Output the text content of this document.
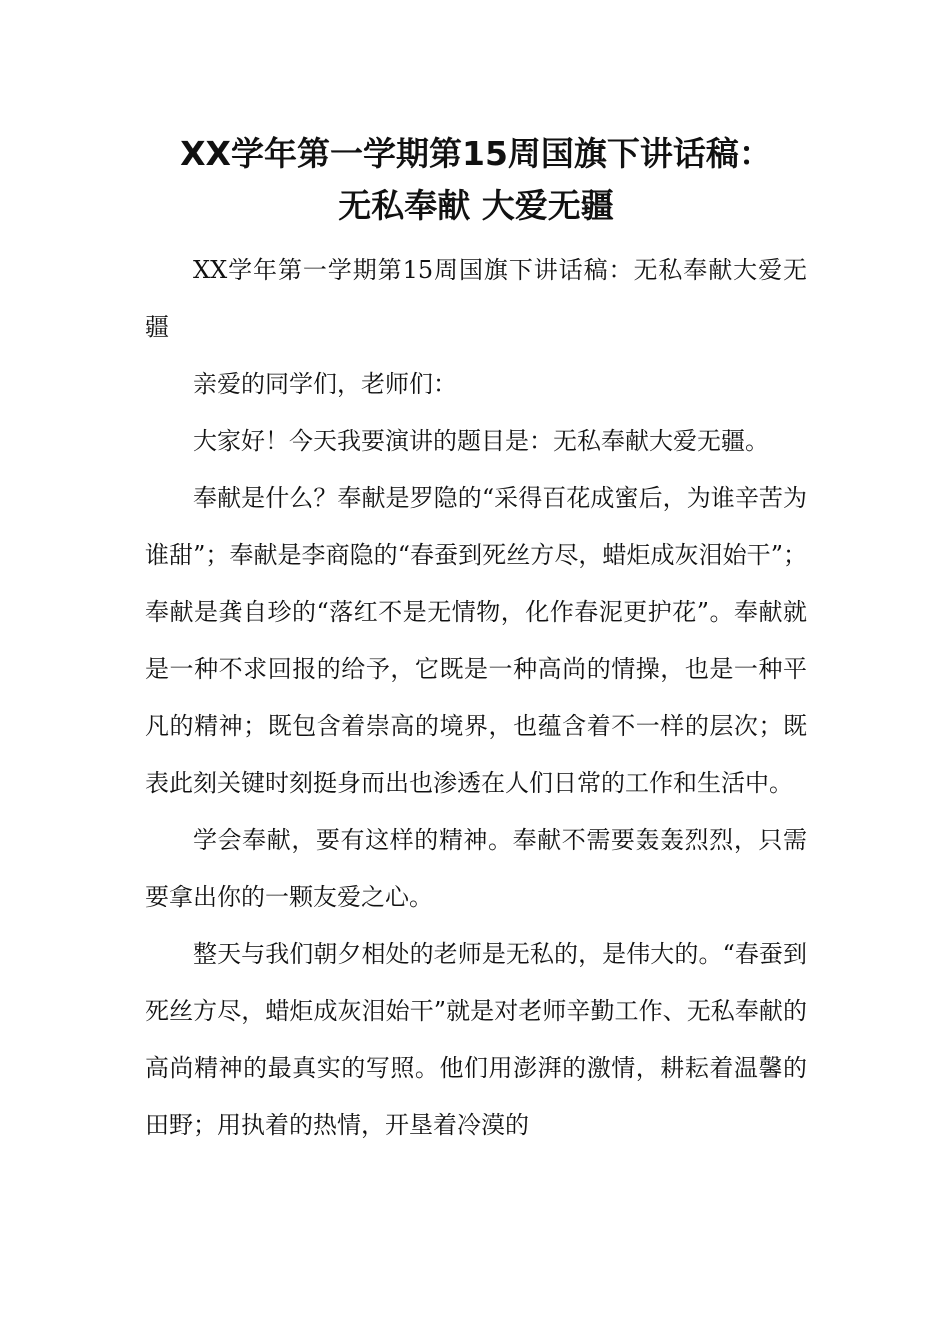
XX学年第一学期第15周国旗下讲话稿：
无私奉献 大爱无疆

XX学年第一学期第15周国旗下讲话稿：无私奉献大爱无疆

亲爱的同学们，老师们：

大家好！今天我要演讲的题目是：无私奉献大爱无疆。

奉献是什么？奉献是罗隐的“采得百花成蜜后，为谁辛苦为谁甜”；奉献是李商隐的“春蚕到死丝方尽，蜡炬成灰泪始干”；奉献是龚自珍的“落红不是无情物，化作春泥更护花”。奉献就是一种不求回报的给予，它既是一种高尚的情操，也是一种平凡的精神；既包含着崇高的境界，也蕴含着不一样的层次；既表此刻关键时刻挺身而出也渗透在人们日常的工作和生活中。

学会奉献，要有这样的精神。奉献不需要轰轰烈烈，只需要拿出你的一颗友爱之心。

整天与我们朝夕相处的老师是无私的，是伟大的。“春蚕到死丝方尽，蜡炬成灰泪始干”就是对老师辛勤工作、无私奉献的高尚精神的最真实的写照。他们用澎湃的激情，耕耘着温馨的田野；用执着的热情，开垦着冷漠的
